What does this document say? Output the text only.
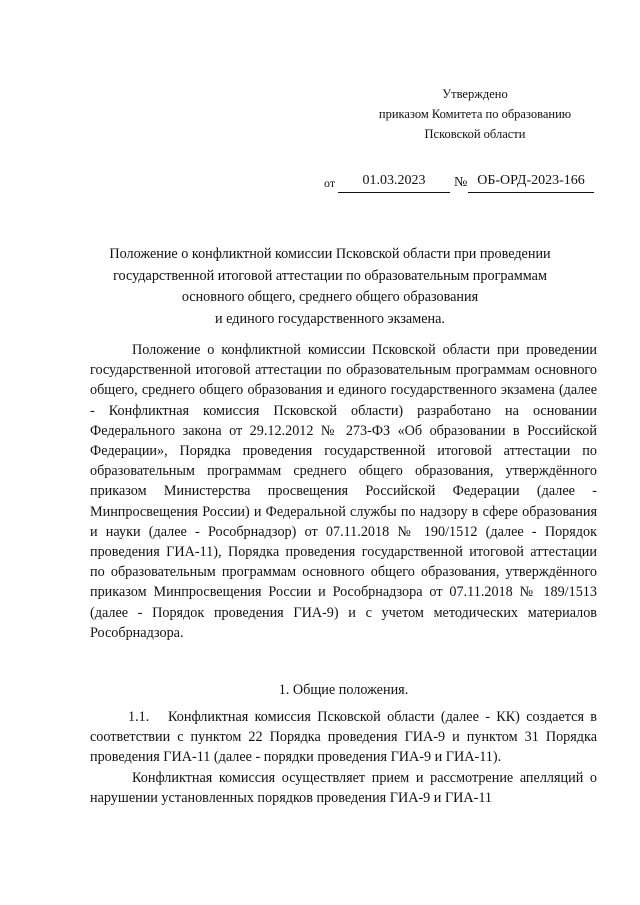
Утверждено
приказом Комитета по образованию
Псковской области
от	01.03.2023	№ ОБ-ОРД-2023-166
Положение о конфликтной комиссии Псковской области при проведении
государственной итоговой аттестации по образовательным программам
основного общего, среднего общего образования
и единого государственного экзамена.

Положение о конфликтной комиссии Псковской области при проведении государственной итоговой аттестации по образовательным программам основного общего, среднего общего образования и единого государственного экзамена (далее - Конфликтная комиссия Псковской области) разработано на основании Федерального закона от 29.12.2012 № 273-ФЗ «Об образовании в Российской Федерации», Порядка проведения государственной итоговой аттестации по образовательным программам среднего общего образования, утверждённого приказом Министерства просвещения Российской Федерации (далее - Минпросвещения России) и Федеральной службы по надзору в сфере образования и науки (далее - Рособрнадзор) от 07.11.2018 № 190/1512 (далее - Порядок проведения ГИА-11), Порядка проведения государственной итоговой аттестации по образовательным программам основного общего образования, утверждённого приказом Минпросвещения России и Рособрнадзора от 07.11.2018 № 189/1513 (далее - Порядок проведения ГИА-9) и с учетом методических материалов Рособрнадзора.

1. Общие положения.

1.1. Конфликтная комиссия Псковской области (далее - КК) создается в соответствии с пунктом 22 Порядка проведения ГИА-9 и пунктом 31 Порядка проведения ГИА-11 (далее - порядки проведения ГИА-9 и ГИА-11).

Конфликтная комиссия осуществляет прием и рассмотрение апелляций о нарушении установленных порядков проведения ГИА-9 и ГИА-11
